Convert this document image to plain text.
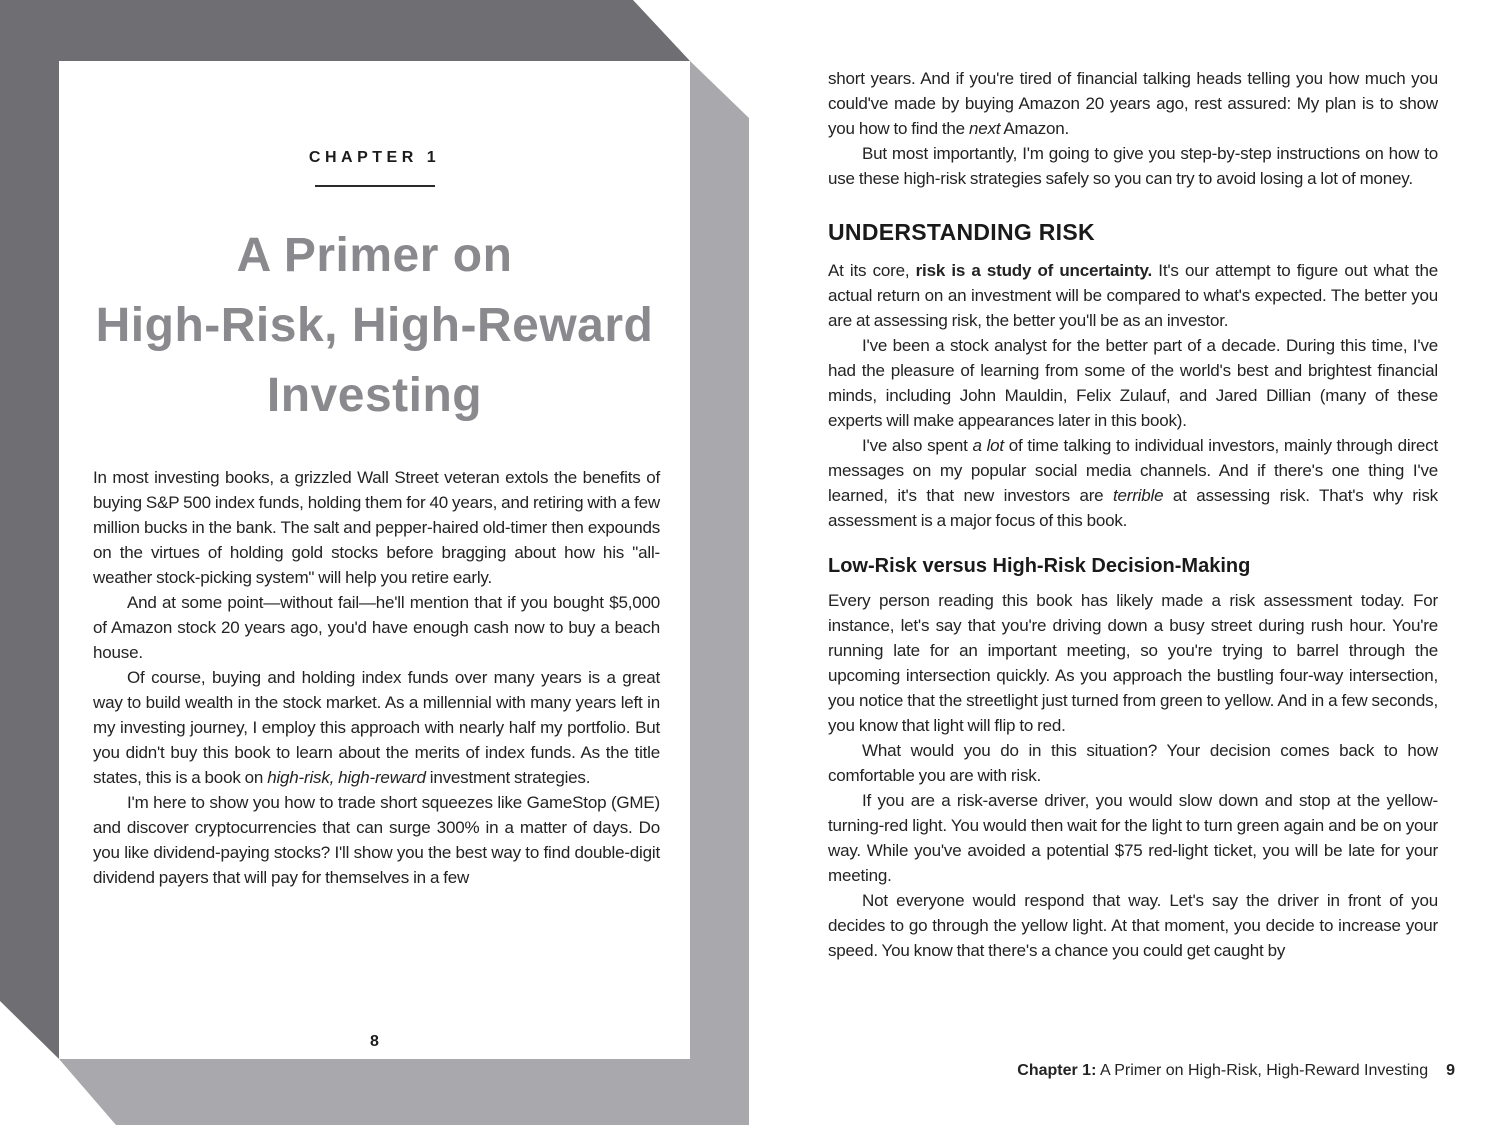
CHAPTER 1
A Primer on
High-Risk, High-Reward
Investing

In most investing books, a grizzled Wall Street veteran extols the benefits of buying S&P 500 index funds, holding them for 40 years, and retiring with a few million bucks in the bank. The salt and pepper-haired old-timer then expounds on the virtues of holding gold stocks before bragging about how his "all-weather stock-picking system" will help you retire early.

And at some point—without fail—he'll mention that if you bought $5,000 of Amazon stock 20 years ago, you'd have enough cash now to buy a beach house.

Of course, buying and holding index funds over many years is a great way to build wealth in the stock market. As a millennial with many years left in my investing journey, I employ this approach with nearly half my portfolio. But you didn't buy this book to learn about the merits of index funds. As the title states, this is a book on high-risk, high-reward investment strategies.

I'm here to show you how to trade short squeezes like GameStop (GME) and discover cryptocurrencies that can surge 300% in a matter of days. Do you like dividend-paying stocks? I'll show you the best way to find double-digit dividend payers that will pay for themselves in a few

8

short years. And if you're tired of financial talking heads telling you how much you could've made by buying Amazon 20 years ago, rest assured: My plan is to show you how to find the next Amazon.

But most importantly, I'm going to give you step-by-step instructions on how to use these high-risk strategies safely so you can try to avoid losing a lot of money.

UNDERSTANDING RISK

At its core, risk is a study of uncertainty. It's our attempt to figure out what the actual return on an investment will be compared to what's expected. The better you are at assessing risk, the better you'll be as an investor.

I've been a stock analyst for the better part of a decade. During this time, I've had the pleasure of learning from some of the world's best and brightest financial minds, including John Mauldin, Felix Zulauf, and Jared Dillian (many of these experts will make appearances later in this book).

I've also spent a lot of time talking to individual investors, mainly through direct messages on my popular social media channels. And if there's one thing I've learned, it's that new investors are terrible at assessing risk. That's why risk assessment is a major focus of this book.

Low-Risk versus High-Risk Decision-Making

Every person reading this book has likely made a risk assessment today. For instance, let's say that you're driving down a busy street during rush hour. You're running late for an important meeting, so you're trying to barrel through the upcoming intersection quickly. As you approach the bustling four-way intersection, you notice that the streetlight just turned from green to yellow. And in a few seconds, you know that light will flip to red.

What would you do in this situation? Your decision comes back to how comfortable you are with risk.

If you are a risk-averse driver, you would slow down and stop at the yellow-turning-red light. You would then wait for the light to turn green again and be on your way. While you've avoided a potential $75 red-light ticket, you will be late for your meeting.

Not everyone would respond that way. Let's say the driver in front of you decides to go through the yellow light. At that moment, you decide to increase your speed. You know that there's a chance you could get caught by

Chapter 1: A Primer on High-Risk, High-Reward Investing 9
